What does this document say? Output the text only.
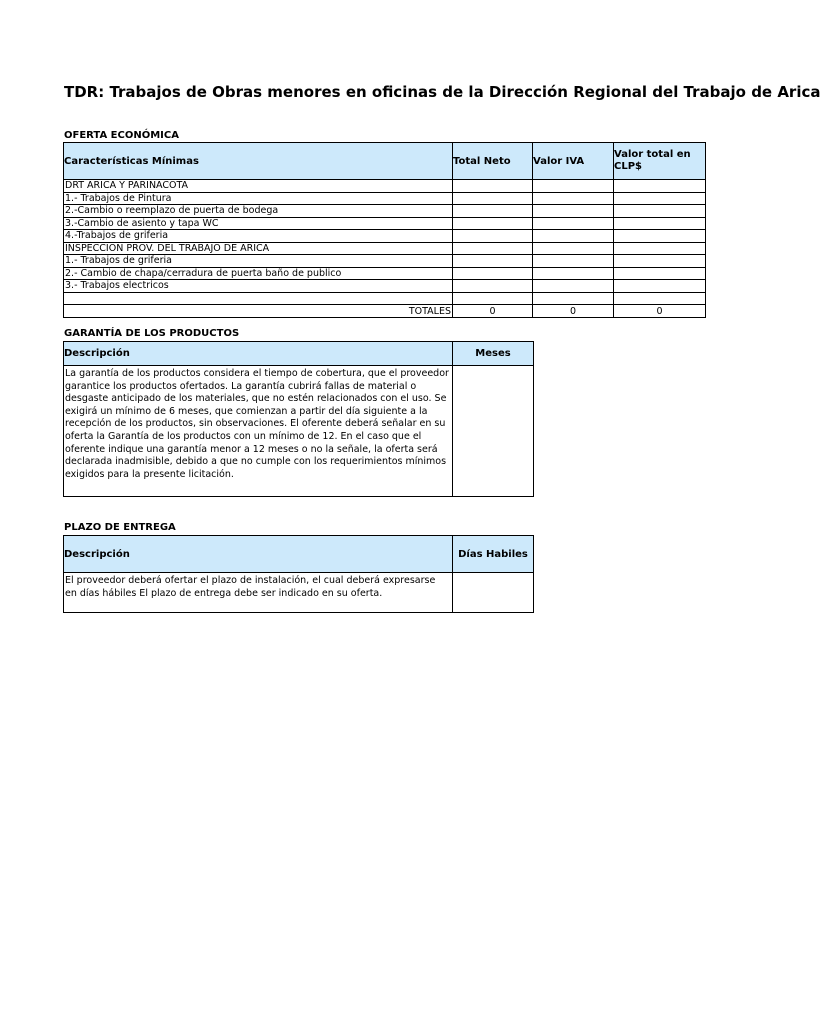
TDR: Trabajos de Obras menores en oficinas de la Dirección Regional del Trabajo de Arica
OFERTA ECONÓMICA
Características Mínimas	Total Neto	Valor IVA	Valor total en CLP$
DRT ARICA Y PARINACOTA			
1.- Trabajos de Pintura			
2.-Cambio o reemplazo de puerta de bodega			
3.-Cambio de asiento y tapa WC			
4.-Trabajos de griferia			
INSPECCION PROV. DEL TRABAJO DE ARICA			
1.- Trabajos de griferia			
2.- Cambio de chapa/cerradura de puerta baño de publico			
3.- Trabajos electricos			

TOTALES	0	0	0
GARANTÍA DE LOS PRODUCTOS
Descripción	Meses
La garantía de los productos considera el tiempo de cobertura, que el proveedor garantice los productos ofertados. La garantía cubrirá fallas de material o desgaste anticipado de los materiales, que no estén relacionados con el uso. Se exigirá un mínimo de 6 meses, que comienzan a partir del día siguiente a la recepción de los productos, sin observaciones. El oferente deberá señalar en su oferta la Garantía de los productos con un mínimo de 12. En el caso que el oferente indique una garantía menor a 12 meses o no la señale, la oferta será declarada inadmisible, debido a que no cumple con los requerimientos mínimos exigidos para la presente licitación.	
PLAZO DE ENTREGA
Descripción	Días Habiles
El proveedor deberá ofertar el plazo de instalación, el cual deberá expresarse en días hábiles El plazo de entrega debe ser indicado en su oferta.	
